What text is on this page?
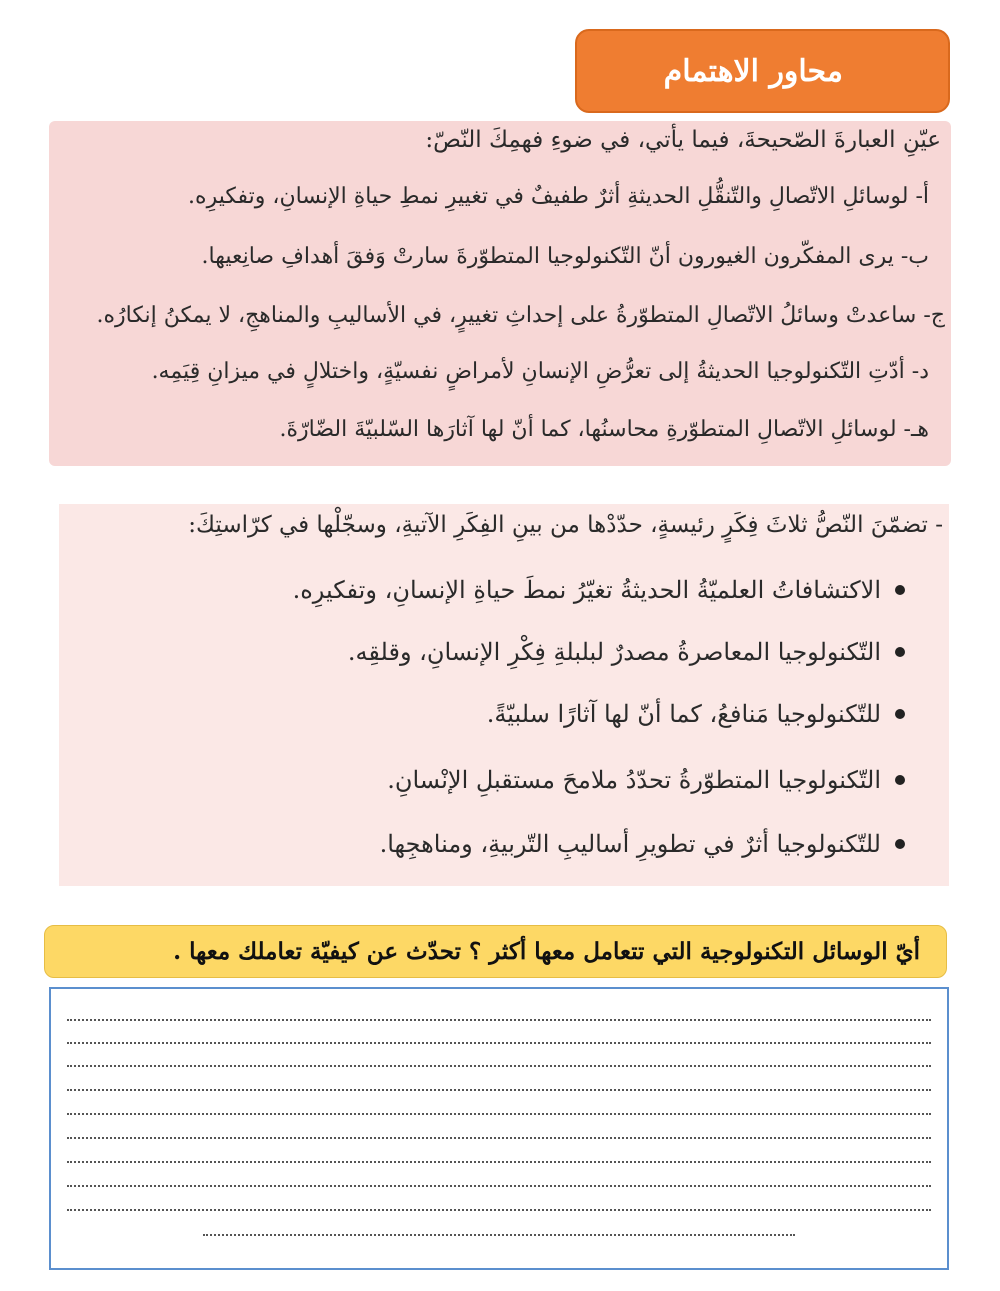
محاور الاهتمام
عيّنِ العبارةَ الصّحيحةَ، فيما يأتي، في ضوءِ فهمِكَ النّصّ:
أ- لوسائلِ الاتّصالِ والتّنقُّلِ الحديثةِ أثرٌ طفيفٌ في تغييرِ نمطِ حياةِ الإنسانِ، وتفكيرِه.
ب- يرى المفكّرون الغيورون أنّ التّكنولوجيا المتطوّرةَ سارتْ وَفقَ أهدافِ صانِعيها.
ج- ساعدتْ وسائلُ الاتّصالِ المتطوّرةُ على إحداثِ تغييرٍ، في الأساليبِ والمناهجِ، لا يمكنُ إنكارُه.
د- أدّتِ التّكنولوجيا الحديثةُ إلى تعرُّضِ الإنسانِ لأمراضٍ نفسيّةٍ، واختلالٍ في ميزانِ قِيَمِه.
هـ- لوسائلِ الاتّصالِ المتطوّرةِ محاسنُها، كما أنّ لها آثارَها السّلبيّةَ الضّارّةَ.
- تضمّنَ النّصُّ ثلاثَ فِكَرٍ رئيسةٍ، حدّدْها من بينِ الفِكَرِ الآتيةِ، وسجّلْها في كرّاستِكَ:
الاكتشافاتُ العلميّةُ الحديثةُ تغيّرُ نمطَ حياةِ الإنسانِ، وتفكيرِه.
التّكنولوجيا المعاصرةُ مصدرٌ لبلبلةِ فِكْرِ الإنسانِ، وقلقِه.
للتّكنولوجيا مَنافعُ، كما أنّ لها آثارًا سلبيّةً.
التّكنولوجيا المتطوّرةُ تحدّدُ ملامحَ مستقبلِ الإنْسانِ.
للتّكنولوجيا أثرٌ في تطويرِ أساليبِ التّربيةِ، ومناهجِها.
أيّ الوسائل التكنولوجية التي تتعامل معها أكثر ؟ تحدّث عن كيفيّة تعاملك معها .
